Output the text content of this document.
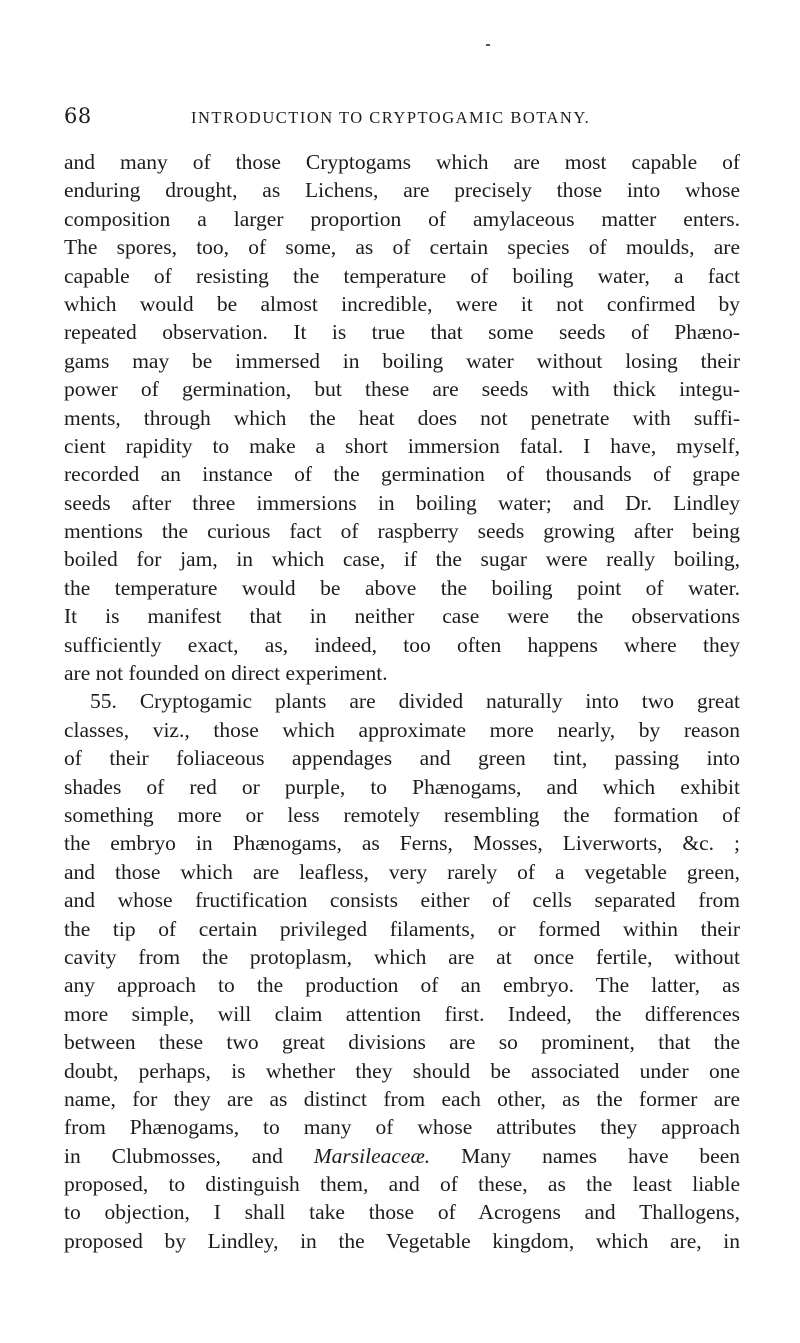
68	INTRODUCTION TO CRYPTOGAMIC BOTANY.
and many of those Cryptogams which are most capable of
enduring drought, as Lichens, are precisely those into whose
composition a larger proportion of amylaceous matter enters.
The spores, too, of some, as of certain species of moulds, are
capable of resisting the temperature of boiling water, a fact
which would be almost incredible, were it not confirmed by
repeated observation. It is true that some seeds of Phæno-
gams may be immersed in boiling water without losing their
power of germination, but these are seeds with thick integu-
ments, through which the heat does not penetrate with suffi-
cient rapidity to make a short immersion fatal. I have, myself,
recorded an instance of the germination of thousands of grape
seeds after three immersions in boiling water; and Dr. Lindley
mentions the curious fact of raspberry seeds growing after being
boiled for jam, in which case, if the sugar were really boiling,
the temperature would be above the boiling point of water.
It is manifest that in neither case were the observations
sufficiently exact, as, indeed, too often happens where they
are not founded on direct experiment.
55. Cryptogamic plants are divided naturally into two great
classes, viz., those which approximate more nearly, by reason
of their foliaceous appendages and green tint, passing into
shades of red or purple, to Phænogams, and which exhibit
something more or less remotely resembling the formation of
the embryo in Phænogams, as Ferns, Mosses, Liverworts, &c. ;
and those which are leafless, very rarely of a vegetable green,
and whose fructification consists either of cells separated from
the tip of certain privileged filaments, or formed within their
cavity from the protoplasm, which are at once fertile, without
any approach to the production of an embryo. The latter, as
more simple, will claim attention first. Indeed, the differences
between these two great divisions are so prominent, that the
doubt, perhaps, is whether they should be associated under one
name, for they are as distinct from each other, as the former are
from Phænogams, to many of whose attributes they approach
in Clubmosses, and Marsileaceæ. Many names have been
proposed, to distinguish them, and of these, as the least liable
to objection, I shall take those of Acrogens and Thallogens,
proposed by Lindley, in the Vegetable kingdom, which are, in
